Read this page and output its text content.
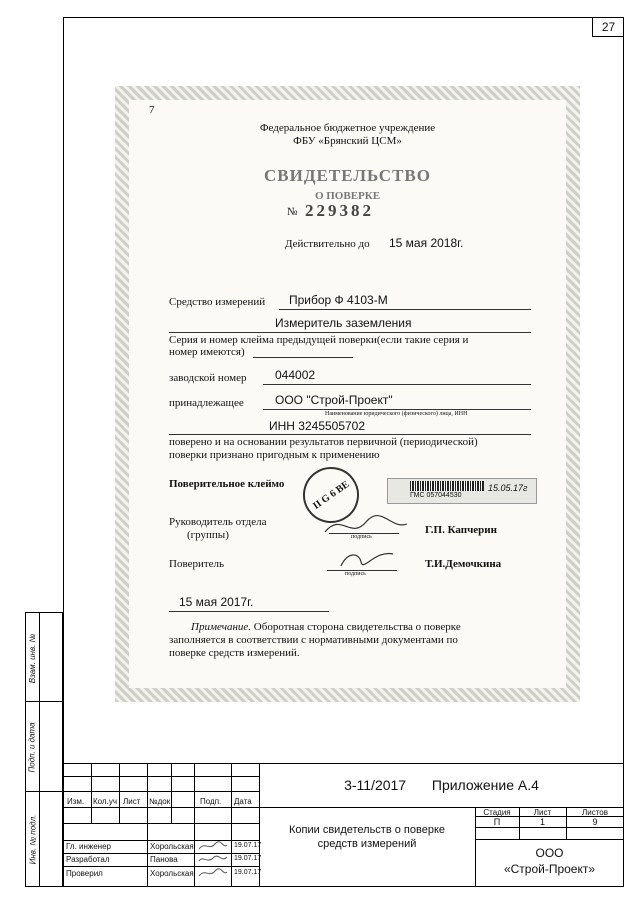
27
Взам. инв. №
Подп. и дата
Инв. № подл.
7
Федеральное бюджетное учреждение
ФБУ «Брянский ЦСМ»
СВИДЕТЕЛЬСТВО
О ПОВЕРКЕ
№ 229382
Действительно до 15 мая 2018г.
Средство измерений Прибор Ф 4103-М
Измеритель заземления
Серия и номер клейма предыдущей поверки(если такие серия и
номер имеются)
заводской номер 044002
принадлежащее	ООО "Строй-Проект"
Наименование юридического (физического) лица, ИНН
ИНН 3245505702
поверено и на основании результатов первичной (периодической)
поверки признано пригодным к применению
Поверительное клеймо	II G 6 ВЕ	ГМС 057044530
15.05.17г
Руководитель отдела
(группы)	подпись
Г.П. Капчерин
Поверитель
подпись
Т.И.Демочкина
15 мая 2017г.
Примечание. Оборотная сторона свидетельства о поверке
заполняется в соответствии с нормативными документами по
поверке средств измерений.
3-11/2017 Приложение А.4
Изм. Кол.уч Лист №док	Подп. Дата
Гл. инженер	Хорольская	19.07.17
Разработал	Панова	19.07.17
Проверил	Хорольская	19.07.17
Копии свидетельств о поверке
средств измерений
Стадия	Лист	Листов
П	1	9
ООО
«Строй-Проект»
